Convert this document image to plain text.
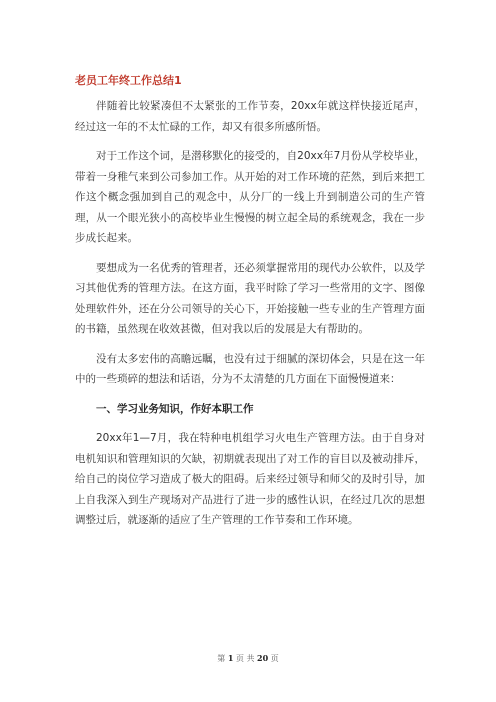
老员工年终工作总结1

伴随着比较紧凑但不太紧张的工作节奏，20xx年就这样快接近尾声，经过这一年的不太忙碌的工作，却又有很多所感所悟。

对于工作这个词，是潜移默化的接受的，自20xx年7月份从学校毕业，带着一身稚气来到公司参加工作。从开始的对工作环境的茫然，到后来把工作这个概念强加到自己的观念中，从分厂的一线上升到制造公司的生产管理，从一个眼光狭小的高校毕业生慢慢的树立起全局的系统观念，我在一步步成长起来。

要想成为一名优秀的管理者，还必须掌握常用的现代办公软件，以及学习其他优秀的管理方法。在这方面，我平时除了学习一些常用的文字、图像处理软件外，还在分公司领导的关心下，开始接触一些专业的生产管理方面的书籍，虽然现在收效甚微，但对我以后的发展是大有帮助的。

没有太多宏伟的高瞻远瞩，也没有过于细腻的深切体会，只是在这一年中的一些琐碎的想法和话语，分为不太清楚的几方面在下面慢慢道来：

一、学习业务知识，作好本职工作

20xx年1—7月，我在特种电机组学习火电生产管理方法。由于自身对电机知识和管理知识的欠缺，初期就表现出了对工作的盲目以及被动排斥，给自己的岗位学习造成了极大的阻碍。后来经过领导和师父的及时引导，加上自我深入到生产现场对产品进行了进一步的感性认识，在经过几次的思想调整过后，就逐渐的适应了生产管理的工作节奏和工作环境。

第 1 页 共 20 页
